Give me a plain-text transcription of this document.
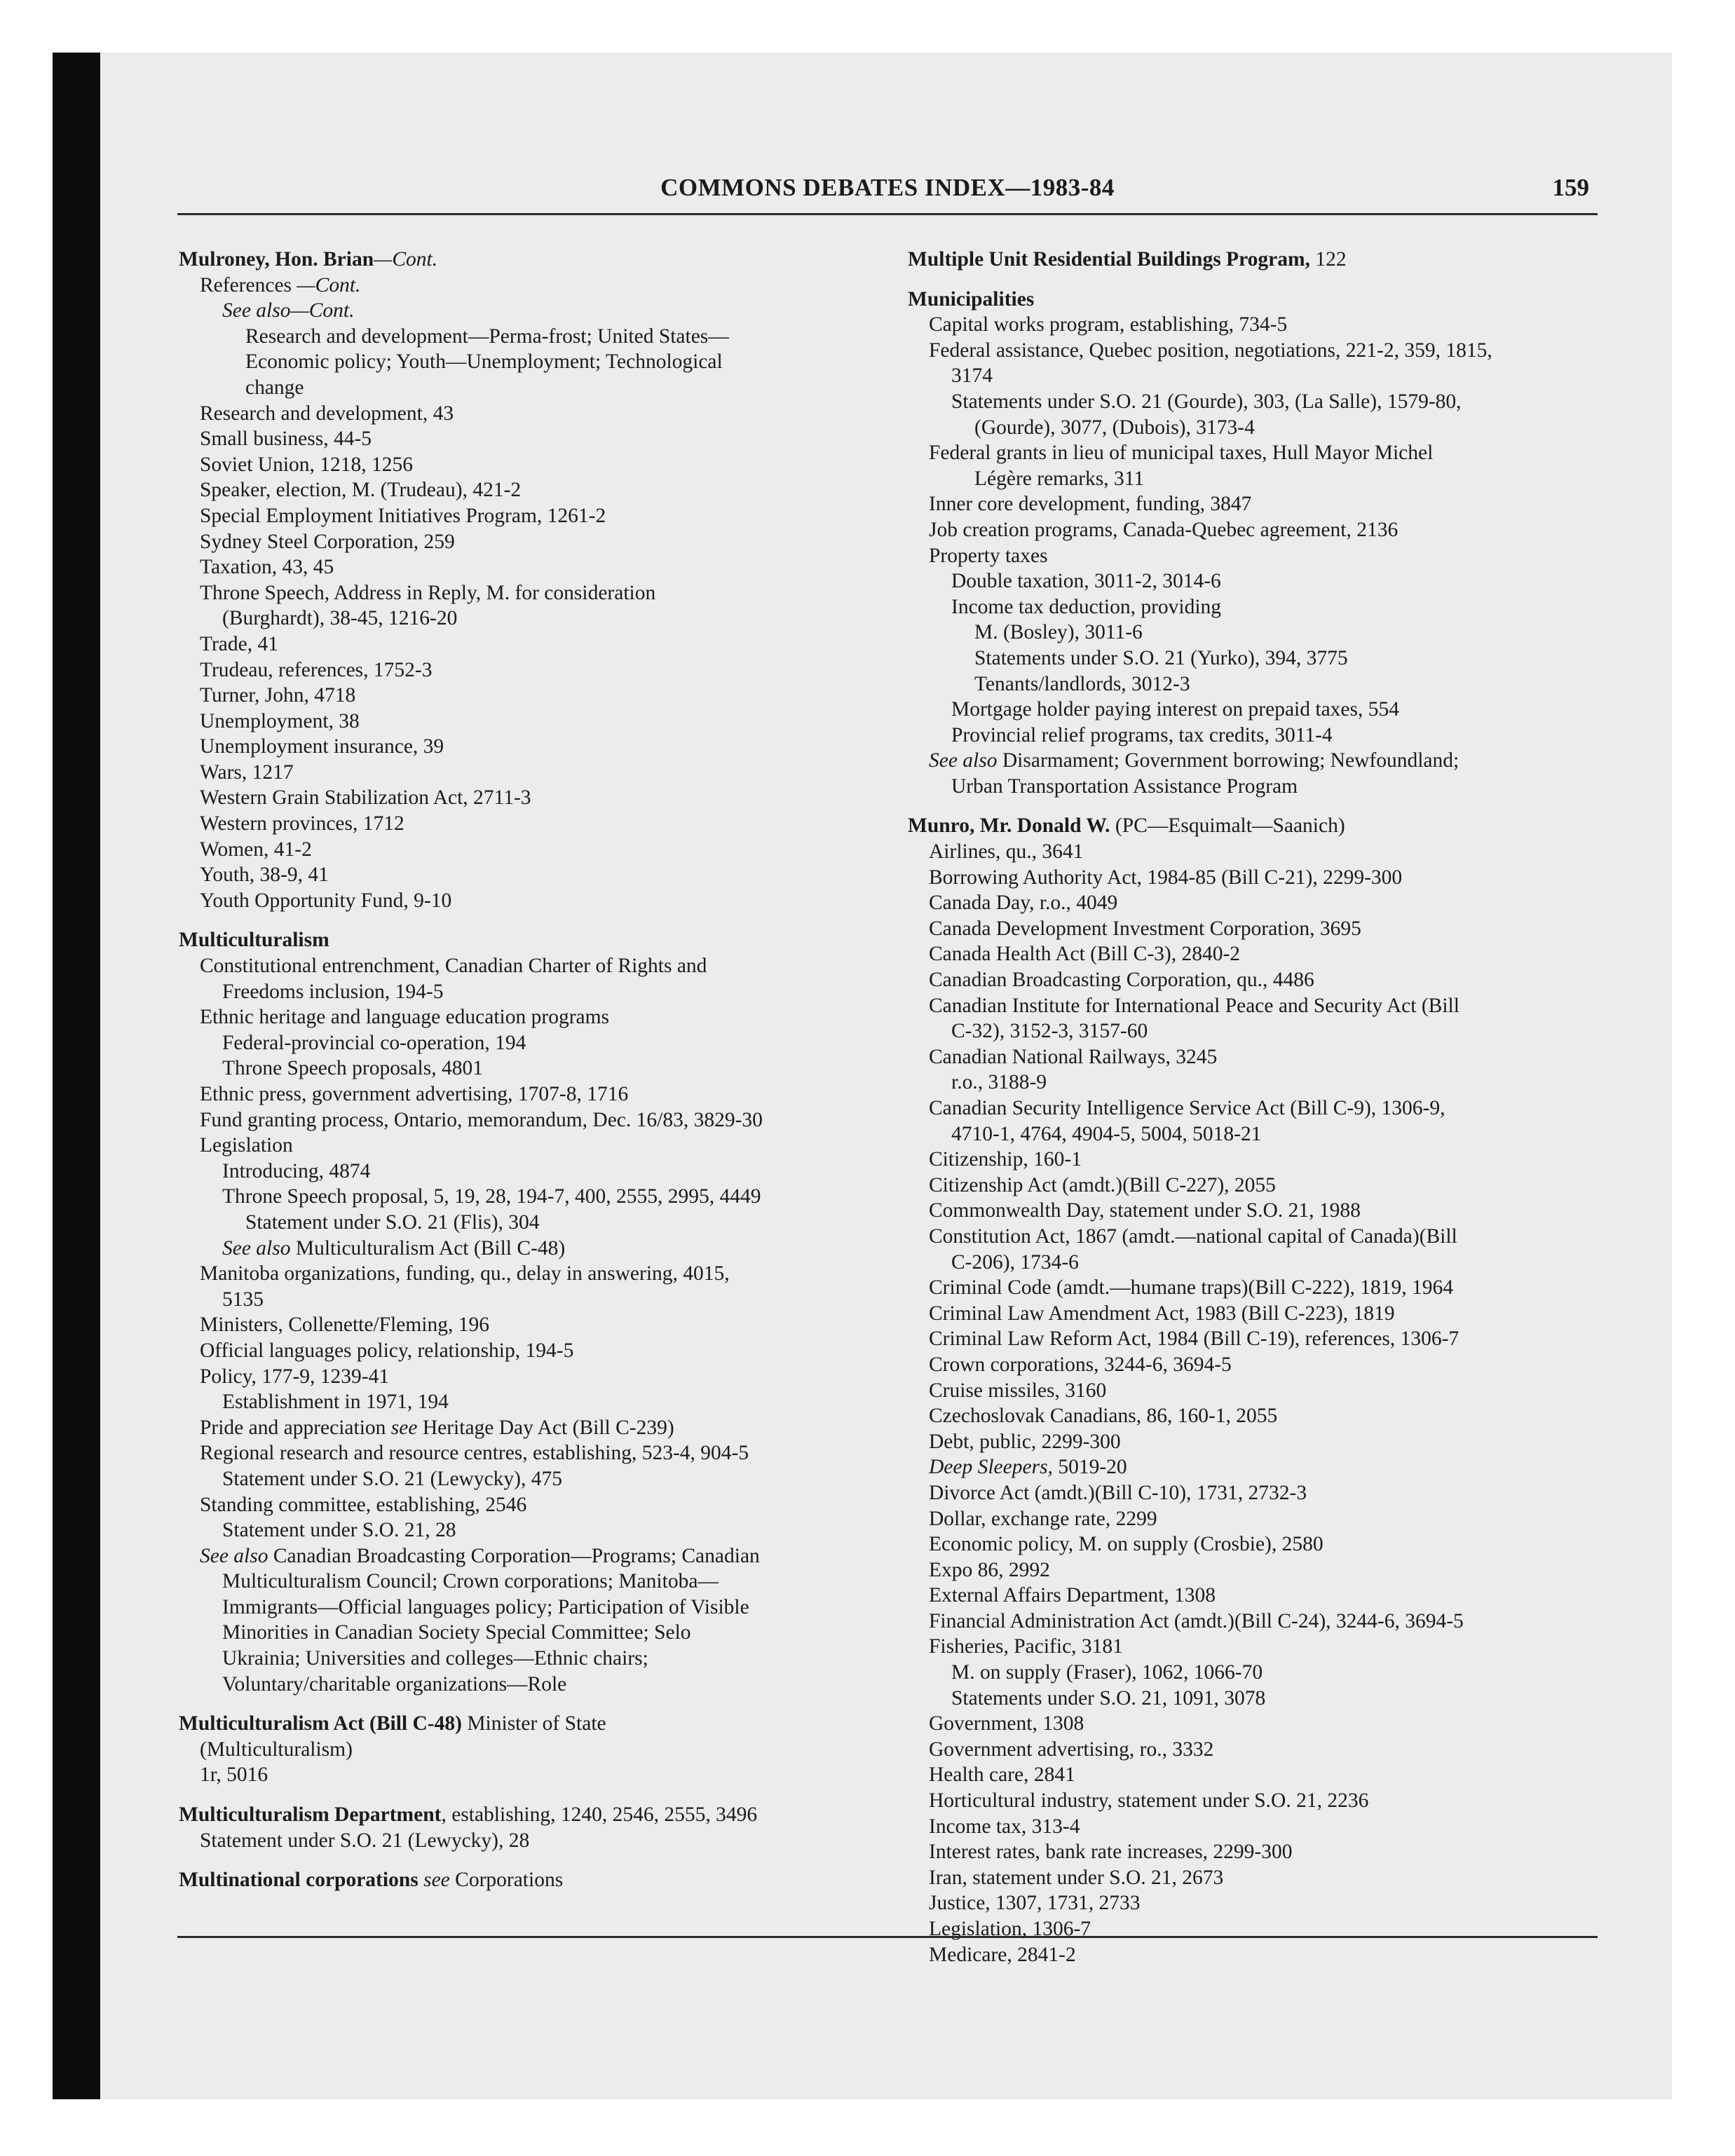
COMMONS DEBATES INDEX—1983-84	159
Mulroney, Hon. Brian—Cont.
References —Cont.
See also—Cont.
Research and development—Perma-frost; United States—
Economic policy; Youth—Unemployment; Technological
change
Research and development, 43
Small business, 44-5
Soviet Union, 1218, 1256
Speaker, election, M. (Trudeau), 421-2
Special Employment Initiatives Program, 1261-2
Sydney Steel Corporation, 259
Taxation, 43, 45
Throne Speech, Address in Reply, M. for consideration
(Burghardt), 38-45, 1216-20
Trade, 41
Trudeau, references, 1752-3
Turner, John, 4718
Unemployment, 38
Unemployment insurance, 39
Wars, 1217
Western Grain Stabilization Act, 2711-3
Western provinces, 1712
Women, 41-2
Youth, 38-9, 41
Youth Opportunity Fund, 9-10
Multiculturalism
Constitutional entrenchment, Canadian Charter of Rights and
Freedoms inclusion, 194-5
Ethnic heritage and language education programs
Federal-provincial co-operation, 194
Throne Speech proposals, 4801
Ethnic press, government advertising, 1707-8, 1716
Fund granting process, Ontario, memorandum, Dec. 16/83, 3829-30
Legislation
Introducing, 4874
Throne Speech proposal, 5, 19, 28, 194-7, 400, 2555, 2995, 4449
Statement under S.O. 21 (Flis), 304
See also Multiculturalism Act (Bill C-48)
Manitoba organizations, funding, qu., delay in answering, 4015,
5135
Ministers, Collenette/Fleming, 196
Official languages policy, relationship, 194-5
Policy, 177-9, 1239-41
Establishment in 1971, 194
Pride and appreciation see Heritage Day Act (Bill C-239)
Regional research and resource centres, establishing, 523-4, 904-5
Statement under S.O. 21 (Lewycky), 475
Standing committee, establishing, 2546
Statement under S.O. 21, 28
See also Canadian Broadcasting Corporation—Programs; Canadian
Multiculturalism Council; Crown corporations; Manitoba—
Immigrants—Official languages policy; Participation of Visible
Minorities in Canadian Society Special Committee; Selo
Ukrainia; Universities and colleges—Ethnic chairs;
Voluntary/charitable organizations—Role
Multiculturalism Act (Bill C-48) Minister of State
(Multiculturalism)
1r, 5016
Multiculturalism Department, establishing, 1240, 2546, 2555, 3496
Statement under S.O. 21 (Lewycky), 28
Multinational corporations see Corporations
Multiple Unit Residential Buildings Program, 122
Municipalities
Capital works program, establishing, 734-5
Federal assistance, Quebec position, negotiations, 221-2, 359, 1815,
3174
Statements under S.O. 21 (Gourde), 303, (La Salle), 1579-80,
(Gourde), 3077, (Dubois), 3173-4
Federal grants in lieu of municipal taxes, Hull Mayor Michel
Légère remarks, 311
Inner core development, funding, 3847
Job creation programs, Canada-Quebec agreement, 2136
Property taxes
Double taxation, 3011-2, 3014-6
Income tax deduction, providing
M. (Bosley), 3011-6
Statements under S.O. 21 (Yurko), 394, 3775
Tenants/landlords, 3012-3
Mortgage holder paying interest on prepaid taxes, 554
Provincial relief programs, tax credits, 3011-4
See also Disarmament; Government borrowing; Newfoundland;
Urban Transportation Assistance Program
Munro, Mr. Donald W. (PC—Esquimalt—Saanich)
Airlines, qu., 3641
Borrowing Authority Act, 1984-85 (Bill C-21), 2299-300
Canada Day, r.o., 4049
Canada Development Investment Corporation, 3695
Canada Health Act (Bill C-3), 2840-2
Canadian Broadcasting Corporation, qu., 4486
Canadian Institute for International Peace and Security Act (Bill
C-32), 3152-3, 3157-60
Canadian National Railways, 3245
r.o., 3188-9
Canadian Security Intelligence Service Act (Bill C-9), 1306-9,
4710-1, 4764, 4904-5, 5004, 5018-21
Citizenship, 160-1
Citizenship Act (amdt.)(Bill C-227), 2055
Commonwealth Day, statement under S.O. 21, 1988
Constitution Act, 1867 (amdt.—national capital of Canada)(Bill
C-206), 1734-6
Criminal Code (amdt.—humane traps)(Bill C-222), 1819, 1964
Criminal Law Amendment Act, 1983 (Bill C-223), 1819
Criminal Law Reform Act, 1984 (Bill C-19), references, 1306-7
Crown corporations, 3244-6, 3694-5
Cruise missiles, 3160
Czechoslovak Canadians, 86, 160-1, 2055
Debt, public, 2299-300
Deep Sleepers, 5019-20
Divorce Act (amdt.)(Bill C-10), 1731, 2732-3
Dollar, exchange rate, 2299
Economic policy, M. on supply (Crosbie), 2580
Expo 86, 2992
External Affairs Department, 1308
Financial Administration Act (amdt.)(Bill C-24), 3244-6, 3694-5
Fisheries, Pacific, 3181
M. on supply (Fraser), 1062, 1066-70
Statements under S.O. 21, 1091, 3078
Government, 1308
Government advertising, ro., 3332
Health care, 2841
Horticultural industry, statement under S.O. 21, 2236
Income tax, 313-4
Interest rates, bank rate increases, 2299-300
Iran, statement under S.O. 21, 2673
Justice, 1307, 1731, 2733
Legislation, 1306-7
Medicare, 2841-2
